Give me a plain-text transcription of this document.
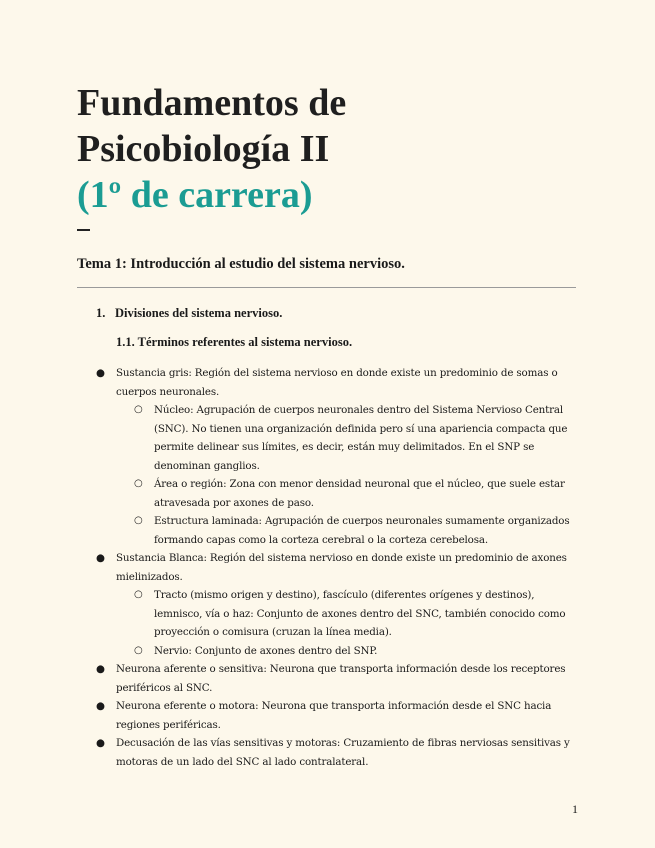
Fundamentos de
Psicobiología II
(1º de carrera)
Tema 1: Introducción al estudio del sistema nervioso.
1. Divisiones del sistema nervioso.
1.1. Términos referentes al sistema nervioso.
● Sustancia gris: Región del sistema nervioso en donde existe un predominio de somas o cuerpos neuronales.
○ Núcleo: Agrupación de cuerpos neuronales dentro del Sistema Nervioso Central (SNC). No tienen una organización definida pero sí una apariencia compacta que permite delinear sus límites, es decir, están muy delimitados. En el SNP se denominan ganglios.
○ Área o región: Zona con menor densidad neuronal que el núcleo, que suele estar atravesada por axones de paso.
○ Estructura laminada: Agrupación de cuerpos neuronales sumamente organizados formando capas como la corteza cerebral o la corteza cerebelosa.
● Sustancia Blanca: Región del sistema nervioso en donde existe un predominio de axones mielinizados.
○ Tracto (mismo origen y destino), fascículo (diferentes orígenes y destinos), lemnisco, vía o haz: Conjunto de axones dentro del SNC, también conocido como proyección o comisura (cruzan la línea media).
○ Nervio: Conjunto de axones dentro del SNP.
● Neurona aferente o sensitiva: Neurona que transporta información desde los receptores periféricos al SNC.
● Neurona eferente o motora: Neurona que transporta información desde el SNC hacia regiones periféricas.
● Decusación de las vías sensitivas y motoras: Cruzamiento de fibras nerviosas sensitivas y motoras de un lado del SNC al lado contralateral.
1
